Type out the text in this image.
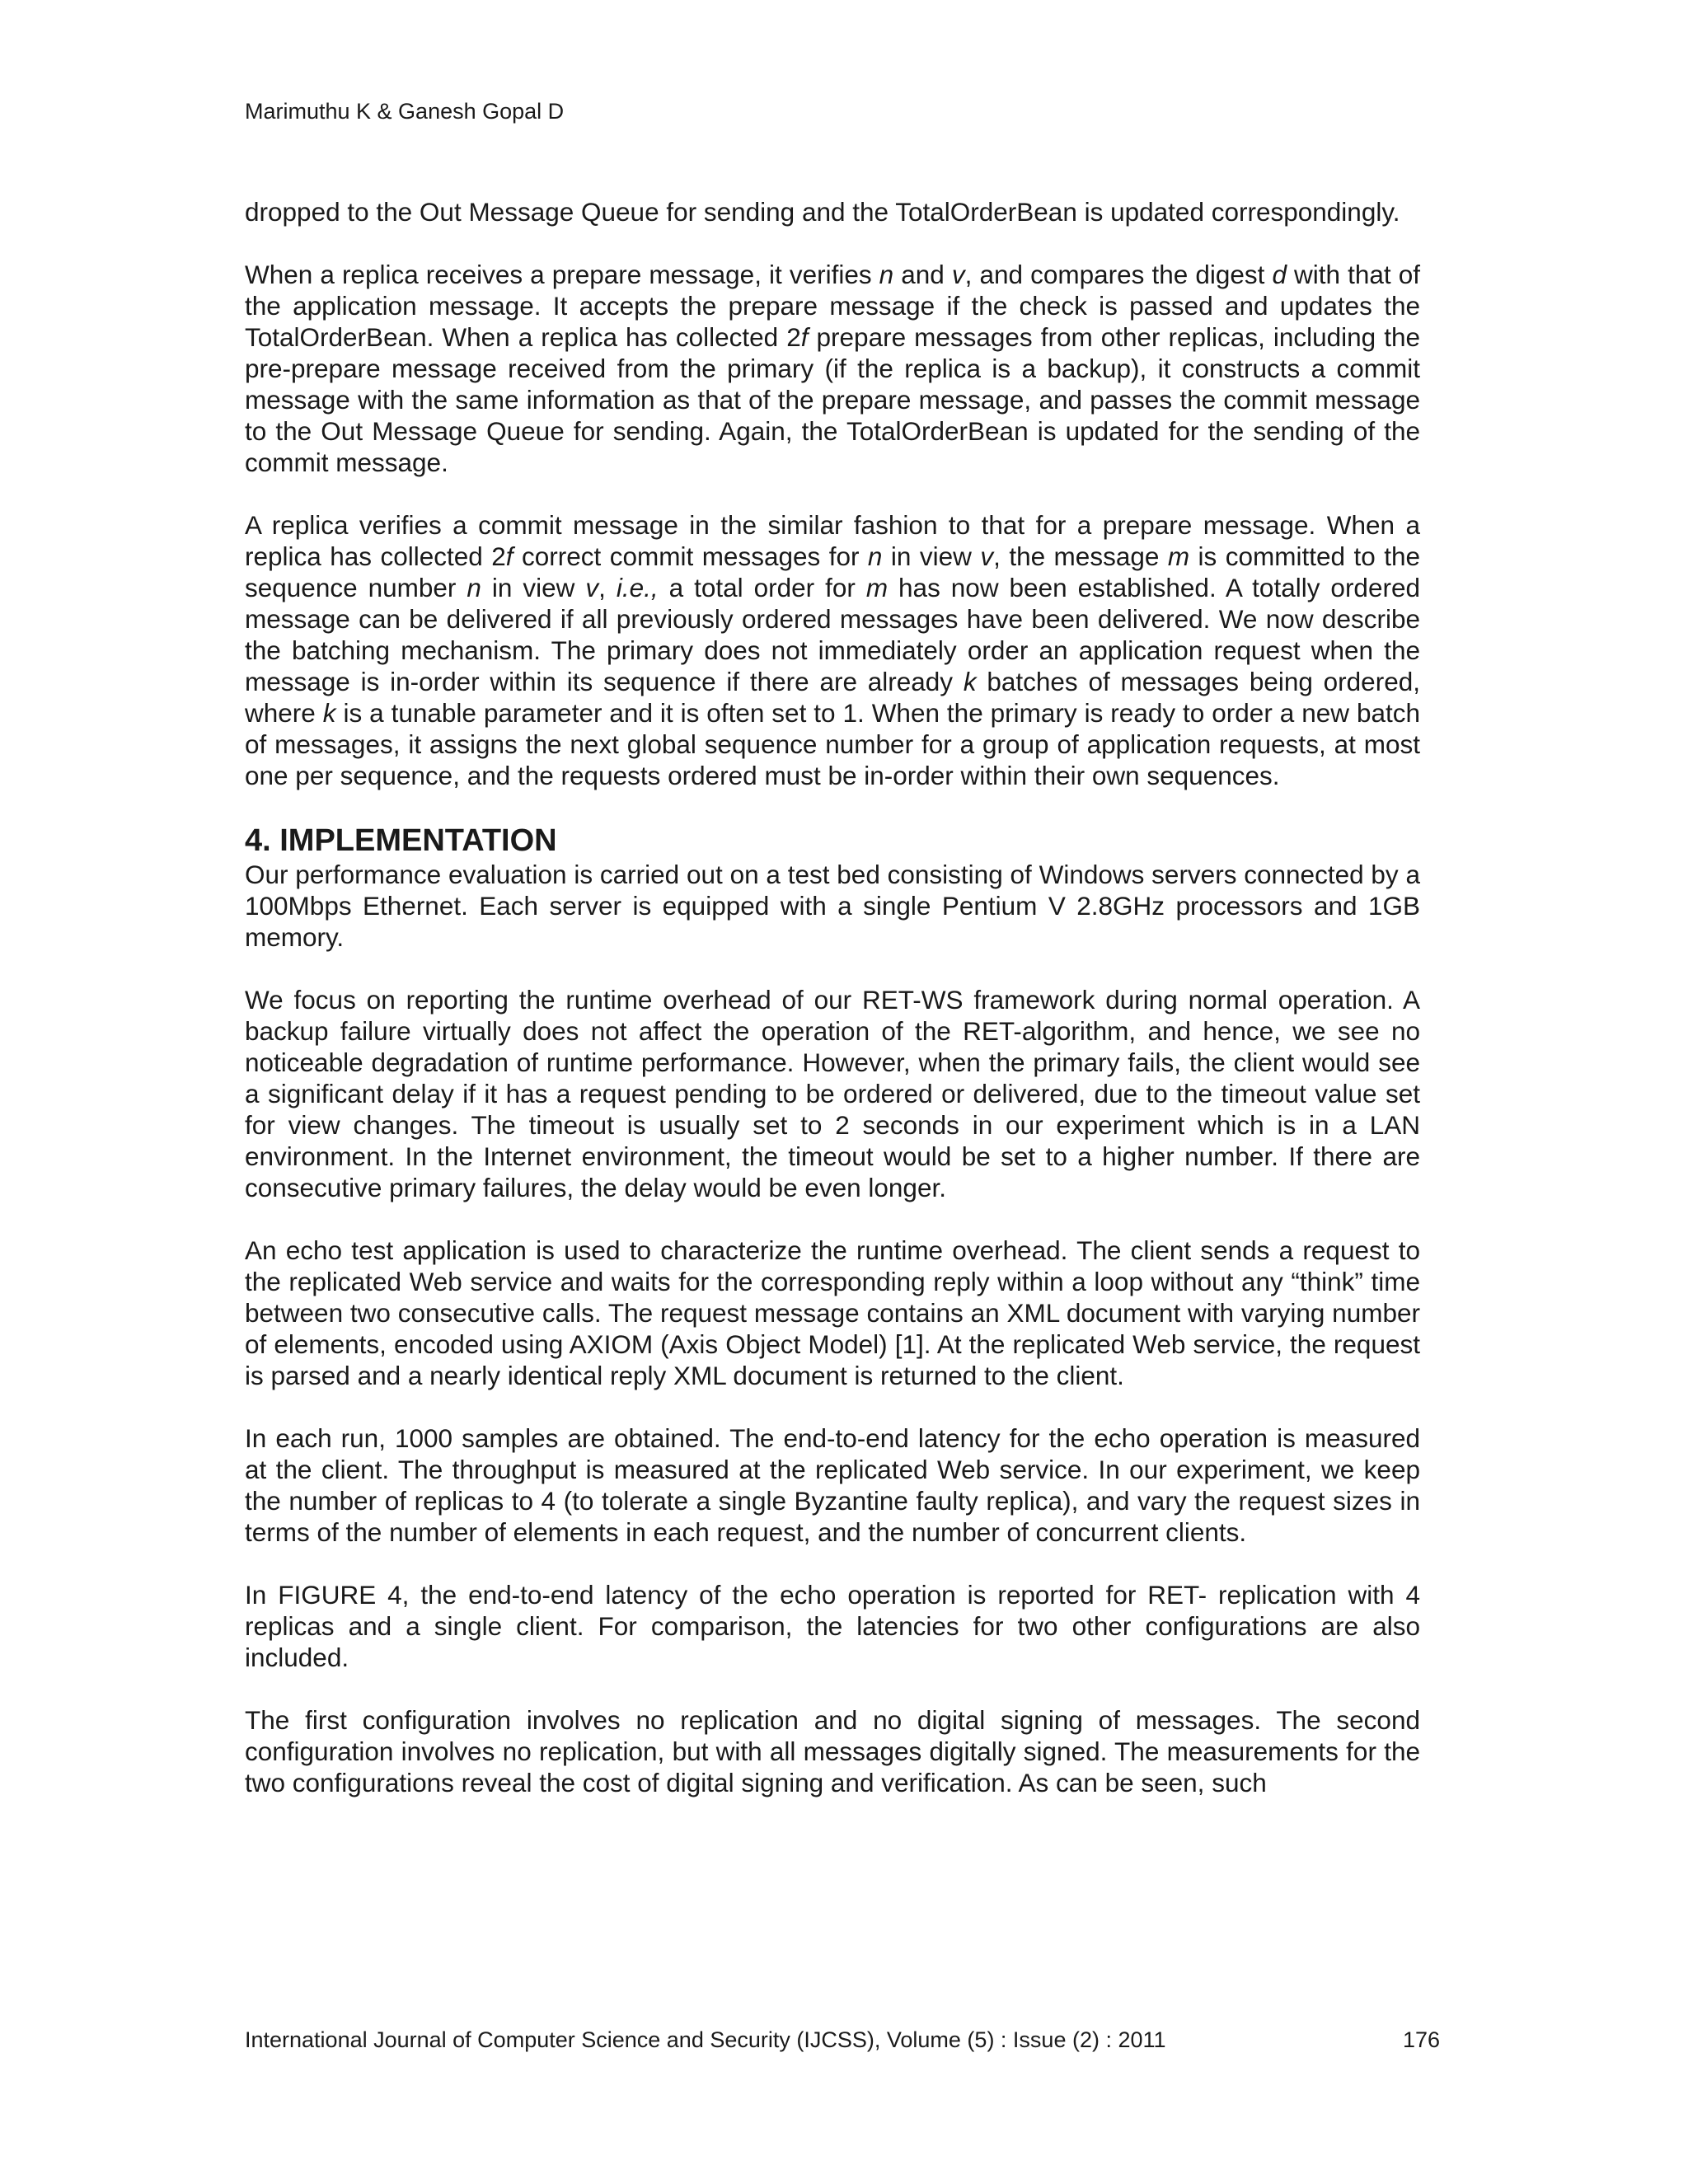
Marimuthu K & Ganesh Gopal D

dropped to the Out Message Queue for sending and the TotalOrderBean is updated correspondingly.

When a replica receives a prepare message, it verifies n and v, and compares the digest d with that of the application message. It accepts the prepare message if the check is passed and updates the TotalOrderBean. When a replica has collected 2f prepare messages from other replicas, including the pre-prepare message received from the primary (if the replica is a backup), it constructs a commit message with the same information as that of the prepare message, and passes the commit message to the Out Message Queue for sending. Again, the TotalOrderBean is updated for the sending of the commit message.

A replica verifies a commit message in the similar fashion to that for a prepare message. When a replica has collected 2f correct commit messages for n in view v, the message m is committed to the sequence number n in view v, i.e., a total order for m has now been established. A totally ordered message can be delivered if all previously ordered messages have been delivered. We now describe the batching mechanism. The primary does not immediately order an application request when the message is in-order within its sequence if there are already k batches of messages being ordered, where k is a tunable parameter and it is often set to 1. When the primary is ready to order a new batch of messages, it assigns the next global sequence number for a group of application requests, at most one per sequence, and the requests ordered must be in-order within their own sequences.

4. IMPLEMENTATION

Our performance evaluation is carried out on a test bed consisting of Windows servers connected by a 100Mbps Ethernet. Each server is equipped with a single Pentium V 2.8GHz processors and 1GB memory.

We focus on reporting the runtime overhead of our RET-WS framework during normal operation. A backup failure virtually does not affect the operation of the RET-algorithm, and hence, we see no noticeable degradation of runtime performance. However, when the primary fails, the client would see a significant delay if it has a request pending to be ordered or delivered, due to the timeout value set for view changes. The timeout is usually set to 2 seconds in our experiment which is in a LAN environment. In the Internet environment, the timeout would be set to a higher number. If there are consecutive primary failures, the delay would be even longer.

An echo test application is used to characterize the runtime overhead. The client sends a request to the replicated Web service and waits for the corresponding reply within a loop without any “think” time between two consecutive calls. The request message contains an XML document with varying number of elements, encoded using AXIOM (Axis Object Model) [1]. At the replicated Web service, the request is parsed and a nearly identical reply XML document is returned to the client.

In each run, 1000 samples are obtained. The end-to-end latency for the echo operation is measured at the client. The throughput is measured at the replicated Web service. In our experiment, we keep the number of replicas to 4 (to tolerate a single Byzantine faulty replica), and vary the request sizes in terms of the number of elements in each request, and the number of concurrent clients.

In FIGURE 4, the end-to-end latency of the echo operation is reported for RET- replication with 4 replicas and a single client. For comparison, the latencies for two other configurations are also included.

The first configuration involves no replication and no digital signing of messages. The second configuration involves no replication, but with all messages digitally signed. The measurements for the two configurations reveal the cost of digital signing and verification. As can be seen, such

International Journal of Computer Science and Security (IJCSS), Volume (5) : Issue (2) : 2011	176
